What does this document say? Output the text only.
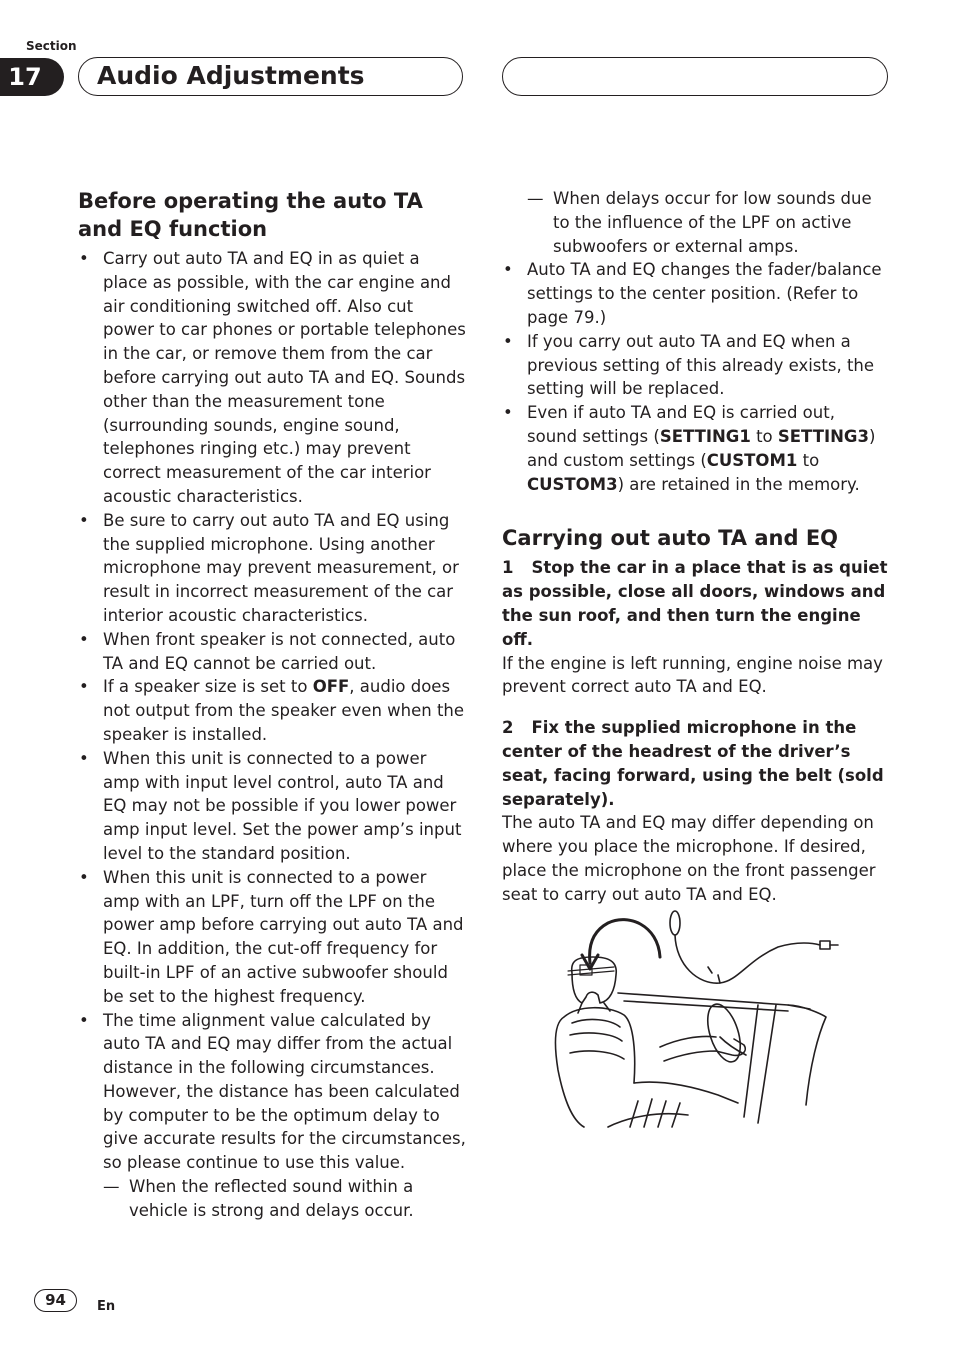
Section
17	Audio Adjustments
Before operating the auto TA and EQ function
• Carry out auto TA and EQ in as quiet a place as possible, with the car engine and air conditioning switched off. Also cut power to car phones or portable telephones in the car, or remove them from the car before carrying out auto TA and EQ. Sounds other than the measurement tone (surrounding sounds, engine sound, telephones ringing etc.) may prevent correct measurement of the car interior acoustic characteristics.
• Be sure to carry out auto TA and EQ using the supplied microphone. Using another microphone may prevent measurement, or result in incorrect measurement of the car interior acoustic characteristics.
• When front speaker is not connected, auto TA and EQ cannot be carried out.
• If a speaker size is set to OFF, audio does not output from the speaker even when the speaker is installed.
• When this unit is connected to a power amp with input level control, auto TA and EQ may not be possible if you lower power amp input level. Set the power amp’s input level to the standard position.
• When this unit is connected to a power amp with an LPF, turn off the LPF on the power amp before carrying out auto TA and EQ. In addition, the cut-off frequency for built-in LPF of an active subwoofer should be set to the highest frequency.
• The time alignment value calculated by auto TA and EQ may differ from the actual distance in the following circumstances. However, the distance has been calculated by computer to be the optimum delay to give accurate results for the circumstances, so please continue to use this value.
— When the reflected sound within a vehicle is strong and delays occur.
— When delays occur for low sounds due to the influence of the LPF on active subwoofers or external amps.
• Auto TA and EQ changes the fader/balance settings to the center position. (Refer to page 79.)
• If you carry out auto TA and EQ when a previous setting of this already exists, the setting will be replaced.
• Even if auto TA and EQ is carried out, sound settings (SETTING1 to SETTING3) and custom settings (CUSTOM1 to CUSTOM3) are retained in the memory.
Carrying out auto TA and EQ

1 Stop the car in a place that is as quiet as possible, close all doors, windows and the sun roof, and then turn the engine off.

If the engine is left running, engine noise may prevent correct auto TA and EQ.

2 Fix the supplied microphone in the center of the headrest of the driver’s seat, facing forward, using the belt (sold separately).

The auto TA and EQ may differ depending on where you place the microphone. If desired, place the microphone on the front passenger seat to carry out auto TA and EQ.

94	En
